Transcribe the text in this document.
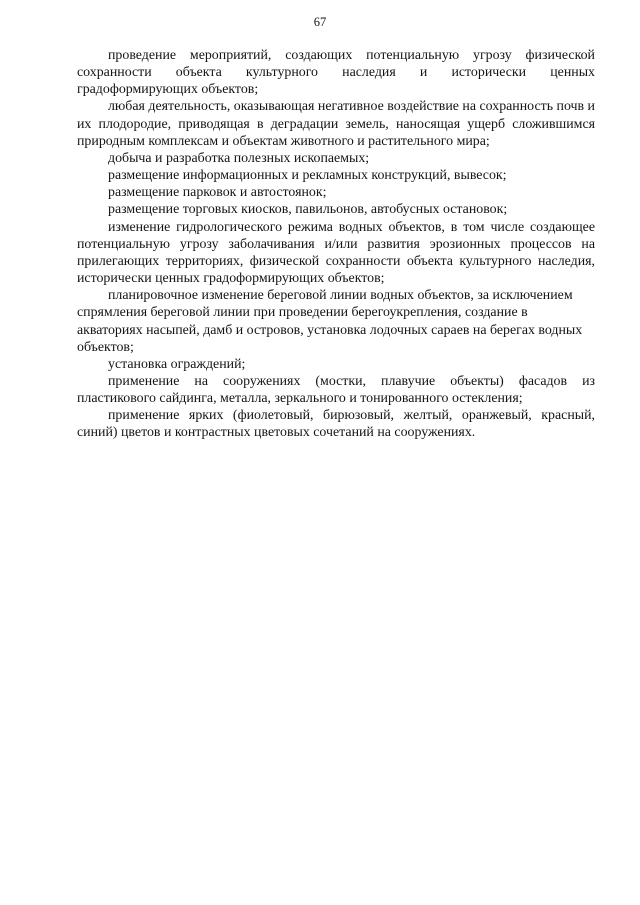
67

проведение мероприятий, создающих потенциальную угрозу физической сохранности объекта культурного наследия и исторически ценных градоформирующих объектов;

любая деятельность, оказывающая негативное воздействие на сохранность почв и их плодородие, приводящая в деградации земель, наносящая ущерб сложившимся природным комплексам и объектам животного и растительного мира;

добыча и разработка полезных ископаемых;

размещение информационных и рекламных конструкций, вывесок;

размещение парковок и автостоянок;

размещение торговых киосков, павильонов, автобусных остановок;

изменение гидрологического режима водных объектов, в том числе создающее потенциальную угрозу заболачивания и/или развития эрозионных процессов на прилегающих территориях, физической сохранности объекта культурного наследия, исторически ценных градоформирующих объектов;

планировочное изменение береговой линии водных объектов, за исключением спрямления береговой линии при проведении берегоукрепления, создание в акваториях насыпей, дамб и островов, установка лодочных сараев на берегах водных объектов;

установка ограждений;

применение на сооружениях (мостки, плавучие объекты) фасадов из пластикового сайдинга, металла, зеркального и тонированного остекления;

применение ярких (фиолетовый, бирюзовый, желтый, оранжевый, красный, синий) цветов и контрастных цветовых сочетаний на сооружениях.
